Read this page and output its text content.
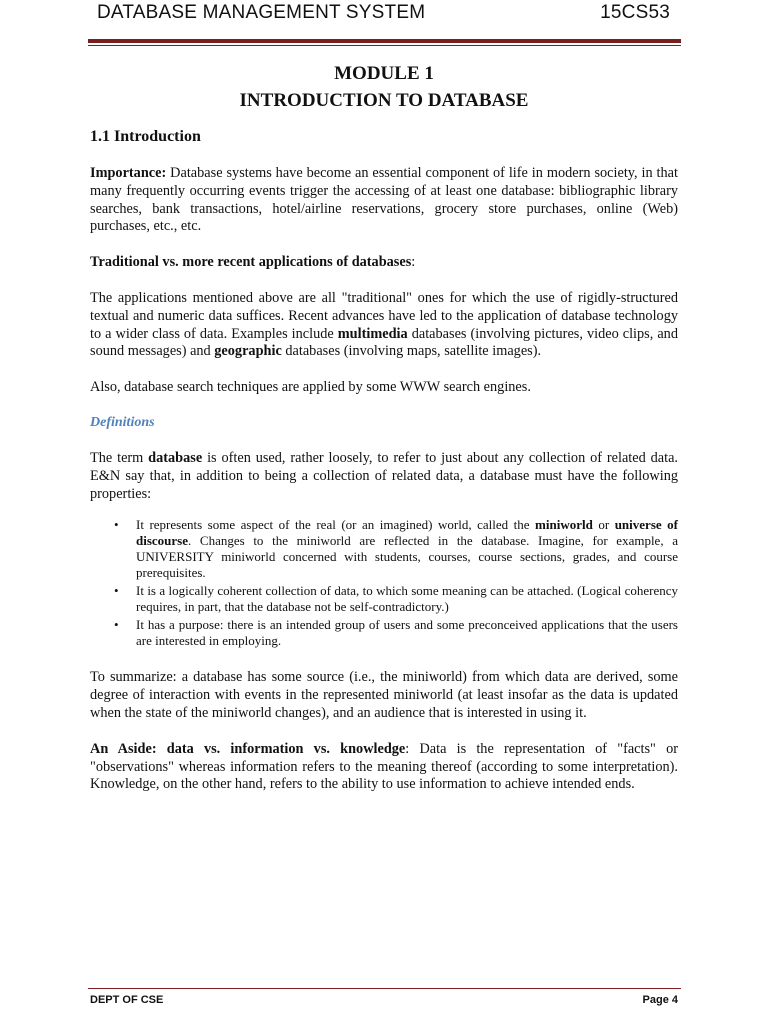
DATABASE MANAGEMENT SYSTEM	15CS53
MODULE 1
INTRODUCTION TO DATABASE
1.1 Introduction

Importance: Database systems have become an essential component of life in modern society, in that many frequently occurring events trigger the accessing of at least one database: bibliographic library searches, bank transactions, hotel/airline reservations, grocery store purchases, online (Web) purchases, etc., etc.

Traditional vs. more recent applications of databases:

The applications mentioned above are all "traditional" ones for which the use of rigidly-structured textual and numeric data suffices. Recent advances have led to the application of database technology to a wider class of data. Examples include multimedia databases (involving pictures, video clips, and sound messages) and geographic databases (involving maps, satellite images).

Also, database search techniques are applied by some WWW search engines.

Definitions

The term database is often used, rather loosely, to refer to just about any collection of related data. E&N say that, in addition to being a collection of related data, a database must have the following properties:

• It represents some aspect of the real (or an imagined) world, called the miniworld or universe of discourse. Changes to the miniworld are reflected in the database. Imagine, for example, a UNIVERSITY miniworld concerned with students, courses, course sections, grades, and course prerequisites.
• It is a logically coherent collection of data, to which some meaning can be attached. (Logical coherency requires, in part, that the database not be self-contradictory.)
• It has a purpose: there is an intended group of users and some preconceived applications that the users are interested in employing.

To summarize: a database has some source (i.e., the miniworld) from which data are derived, some degree of interaction with events in the represented miniworld (at least insofar as the data is updated when the state of the miniworld changes), and an audience that is interested in using it.

An Aside: data vs. information vs. knowledge: Data is the representation of "facts" or "observations" whereas information refers to the meaning thereof (according to some interpretation). Knowledge, on the other hand, refers to the ability to use information to achieve intended ends.

DEPT OF CSE	Page 4
